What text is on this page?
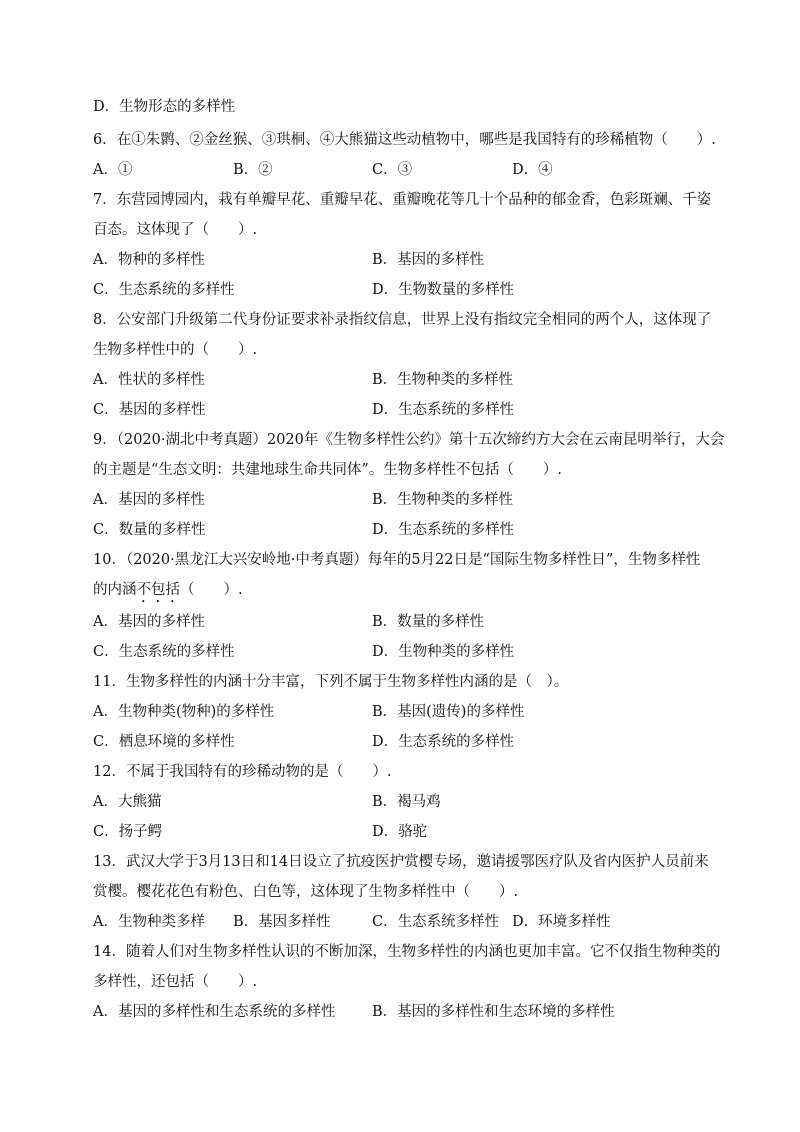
D．生物形态的多样性
6．在①朱鹮、②金丝猴、③珙桐、④大熊猫这些动植物中，哪些是我国特有的珍稀植物（　　）.
A．①	B．②	C．③	D．④
7．东营园博园内，栽有单瓣早花、重瓣早花、重瓣晚花等几十个品种的郁金香，色彩斑斓、千姿
百态。这体现了（　　）.
A．物种的多样性	B．基因的多样性
C．生态系统的多样性	D．生物数量的多样性
8．公安部门升级第二代身份证要求补录指纹信息，世界上没有指纹完全相同的两个人，这体现了
生物多样性中的（　　）.
A．性状的多样性	B．生物种类的多样性
C．基因的多样性	D．生态系统的多样性
9．（2020·湖北中考真题）2020年《生物多样性公约》第十五次缔约方大会在云南昆明举行，大会
的主题是“生态文明：共建地球生命共同体”。生物多样性不包括（　　）.
A．基因的多样性	B．生物种类的多样性
C．数量的多样性	D．生态系统的多样性
10．（2020·黑龙江大兴安岭地·中考真题）每年的5月22日是“国际生物多样性日”，生物多样性
的内涵不包括（　　）.
A．基因的多样性	B．数量的多样性
C．生态系统的多样性	D．生物种类的多样性
11．生物多样性的内涵十分丰富，下列不属于生物多样性内涵的是（　）。
A．生物种类(物种)的多样性	B．基因(遗传)的多样性
C．栖息环境的多样性	D．生态系统的多样性
12．不属于我国特有的珍稀动物的是（　　）.
A．大熊猫	B．褐马鸡
C．扬子鳄	D．骆驼
13．武汉大学于3月13日和14日设立了抗疫医护赏樱专场，邀请援鄂医疗队及省内医护人员前来
赏樱。樱花花色有粉色、白色等，这体现了生物多样性中（　　）.
A．生物种类多样 B．基因多样性	C．生态系统多样性 D．环境多样性
14．随着人们对生物多样性认识的不断加深，生物多样性的内涵也更加丰富。它不仅指生物种类的
多样性，还包括（　　）.
A．基因的多样性和生态系统的多样性	B．基因的多样性和生态环境的多样性
